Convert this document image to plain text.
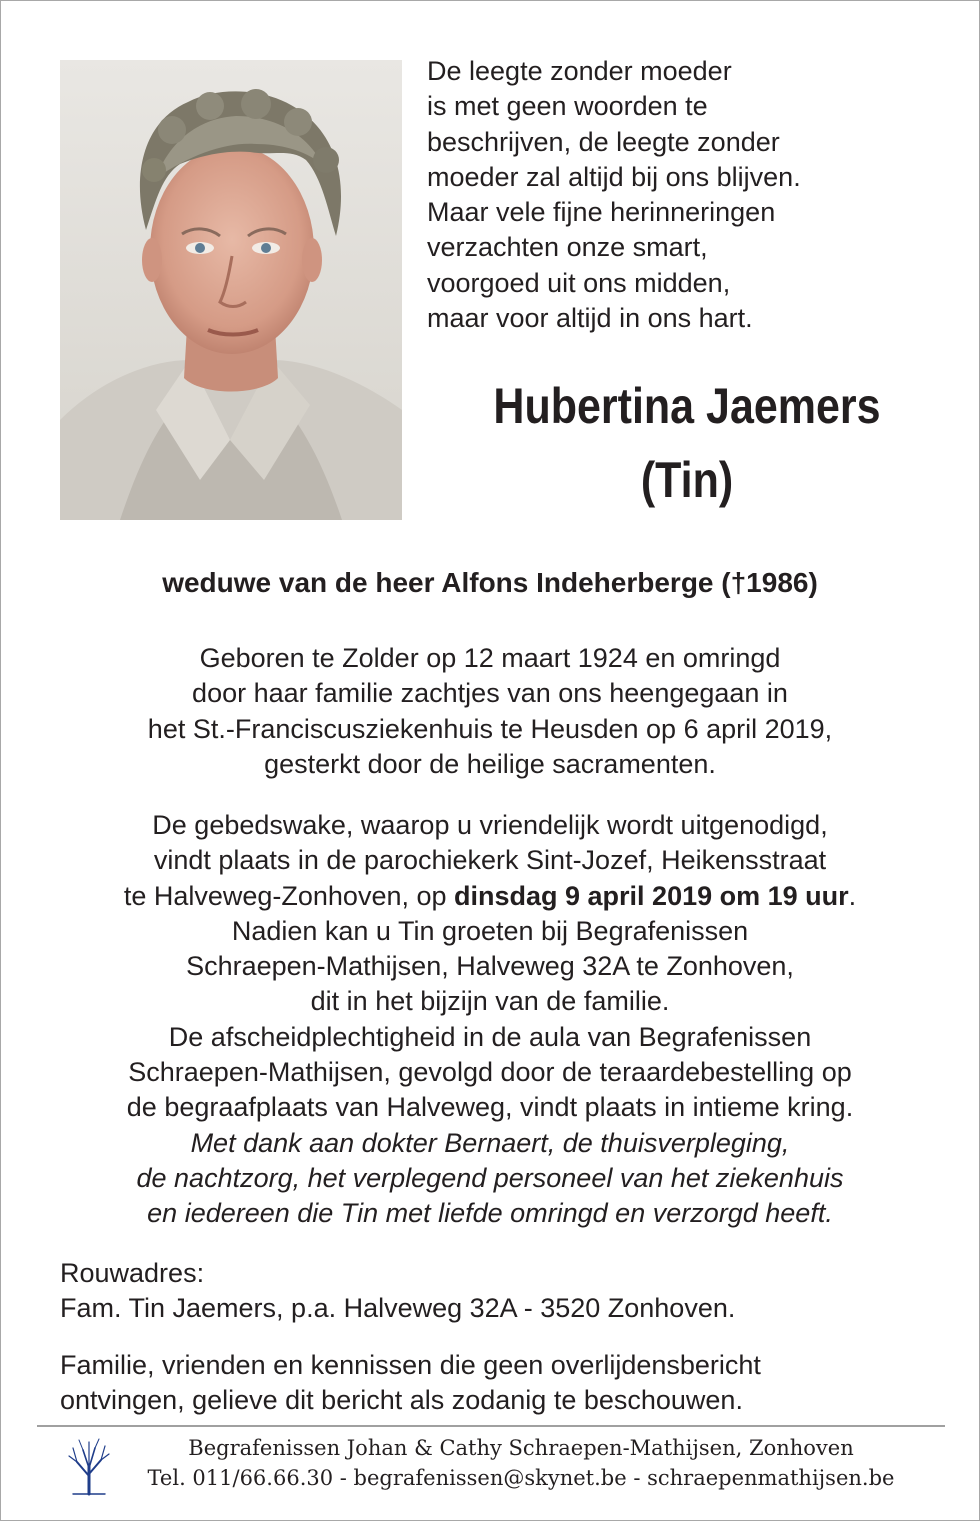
De leegte zonder moeder
is met geen woorden te
beschrijven, de leegte zonder
moeder zal altijd bij ons blijven.
Maar vele fijne herinneringen
verzachten onze smart,
voorgoed uit ons midden,
maar voor altijd in ons hart.
Hubertina Jaemers
(Tin)
weduwe van de heer Alfons Indeherberge (†1986)
Geboren te Zolder op 12 maart 1924 en omringd
door haar familie zachtjes van ons heengegaan in
het St.-Franciscusziekenhuis te Heusden op 6 april 2019,
gesterkt door de heilige sacramenten.
De gebedswake, waarop u vriendelijk wordt uitgenodigd,
vindt plaats in de parochiekerk Sint-Jozef, Heikensstraat
te Halveweg-Zonhoven, op dinsdag 9 april 2019 om 19 uur.
Nadien kan u Tin groeten bij Begrafenissen
Schraepen-Mathijsen, Halveweg 32A te Zonhoven,
dit in het bijzijn van de familie.
De afscheidplechtigheid in de aula van Begrafenissen
Schraepen-Mathijsen, gevolgd door de teraardebestelling op
de begraafplaats van Halveweg, vindt plaats in intieme kring.
Met dank aan dokter Bernaert, de thuisverpleging,
de nachtzorg, het verplegend personeel van het ziekenhuis
en iedereen die Tin met liefde omringd en verzorgd heeft.
Rouwadres:
Fam. Tin Jaemers, p.a. Halveweg 32A - 3520 Zonhoven.
Familie, vrienden en kennissen die geen overlijdensbericht
ontvingen, gelieve dit bericht als zodanig te beschouwen.
Begrafenissen Johan & Cathy Schraepen-Mathijsen, Zonhoven
Tel. 011/66.66.30 - begrafenissen@skynet.be - schraepenmathijsen.be
